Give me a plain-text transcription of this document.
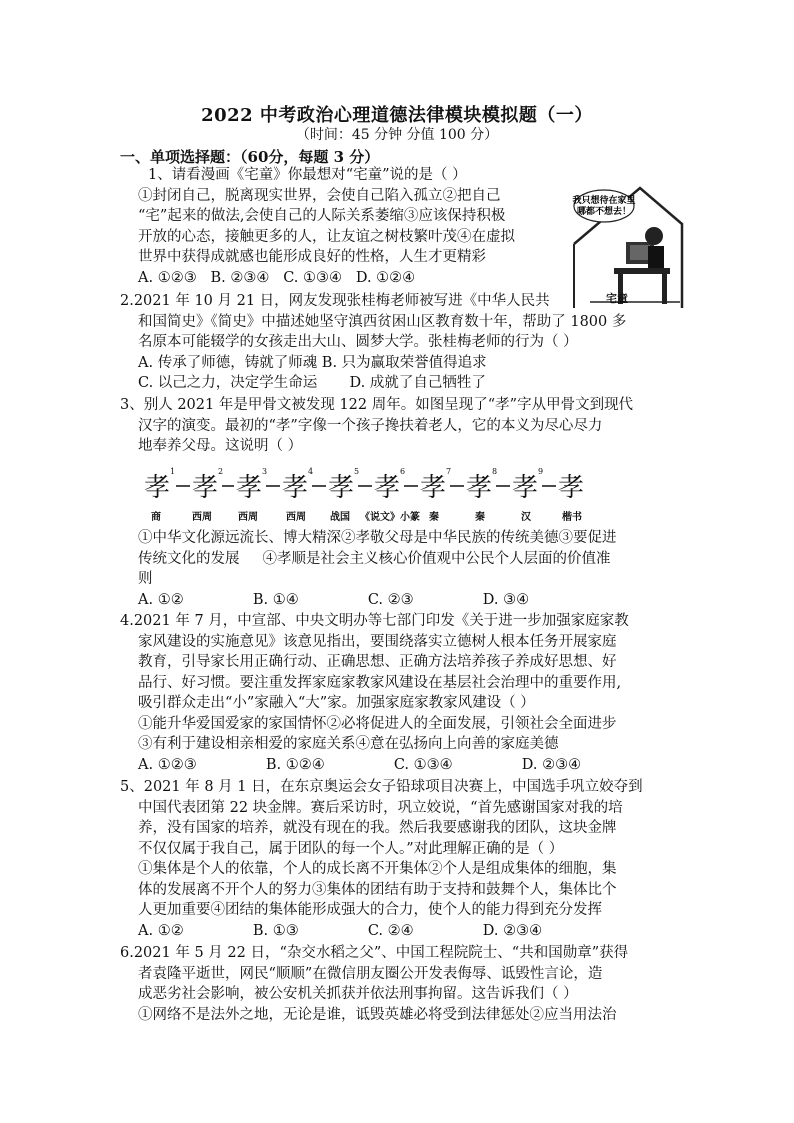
2022 中考政治心理道德法律模块模拟题（一）
（时间：45 分钟 分值 100 分）
一、单项选择题：（60分，每题 3 分）
1、请看漫画《宅童》你最想对“宅童”说的是（ ）
①封闭自己，脱离现实世界，会使自己陷入孤立②把自己
“宅”起来的做法,会使自己的人际关系萎缩③应该保持积极
开放的心态，接触更多的人，让友谊之树枝繁叶茂④在虚拟
世界中获得成就感也能形成良好的性格，人生才更精彩
A. ①②③   B. ②③④   C. ①③④   D. ①②④
我只想待在家里
哪都不想去！
宅童
2.2021 年 10 月 21 日，网友发现张桂梅老师被写进《中华人民共
和国简史》《简史》中描述她坚守滇西贫困山区教育数十年，帮助了 1800 多
名原本可能辍学的女孩走出大山、圆梦大学。张桂梅老师的行为（ ）
A. 传承了师德，铸就了师魂 B. 只为赢取荣誉值得追求
C. 以己之力，决定学生命运       D. 成就了自己牺牲了
3、别人 2021 年是甲骨文被发现 122 周年。如图呈现了“孝”字从甲骨文到现代
汉字的演变。最初的“孝”字像一个孩子搀扶着老人，它的本义为尽心尽力
地奉养父母。这说明（ ）
孝
1
孝
2
孝
3
孝
4
孝
5
孝
6
孝
7
孝
8
孝
9
孝
商	西周	西周	西周 战国 《说文》小篆 秦	秦	汉	楷书
①中华文化源远流长、博大精深②孝敬父母是中华民族的传统美德③要促进
传统文化的发展     ④孝顺是社会主义核心价值观中公民个人层面的价值准
则
A. ①②               B. ①④               C. ②③               D. ③④
4.2021 年 7 月，中宣部、中央文明办等七部门印发《关于进一步加强家庭家教
家风建设的实施意见》该意见指出，要围绕落实立德树人根本任务开展家庭
教育，引导家长用正确行动、正确思想、正确方法培养孩子养成好思想、好
品行、好习惯。要注重发挥家庭家教家风建设在基层社会治理中的重要作用,
吸引群众走出“小”家融入“大”家。加强家庭家教家风建设（ ）
①能升华爱国爱家的家国情怀②必将促进人的全面发展，引领社会全面进步
③有利于建设相亲相爱的家庭关系④意在弘扬向上向善的家庭美德
A. ①②③               B. ①②④               C. ①③④               D. ②③④
5、2021 年 8 月 1 日，在东京奥运会女子铅球项目决赛上，中国选手巩立姣夺到
中国代表团第 22 块金牌。赛后采访时，巩立姣说，“首先感谢国家对我的培
养，没有国家的培养，就没有现在的我。然后我要感谢我的团队，这块金牌
不仅仅属于我自己，属于团队的每一个人。”对此理解正确的是（ ）
①集体是个人的依靠，个人的成长离不开集体②个人是组成集体的细胞，集
体的发展离不开个人的努力③集体的团结有助于支持和鼓舞个人，集体比个
人更加重要④团结的集体能形成强大的合力，使个人的能力得到充分发挥
A. ①②               B. ①③               C. ②④               D. ②③④
6.2021 年 5 月 22 日，“杂交水稻之父”、中国工程院院士、“共和国勋章”获得
者袁隆平逝世，网民“顺顺”在微信朋友圈公开发表侮辱、诋毁性言论，造
成恶劣社会影响，被公安机关抓获并依法刑事拘留。这告诉我们（ ）
①网络不是法外之地，无论是谁，诋毁英雄必将受到法律惩处②应当用法治
